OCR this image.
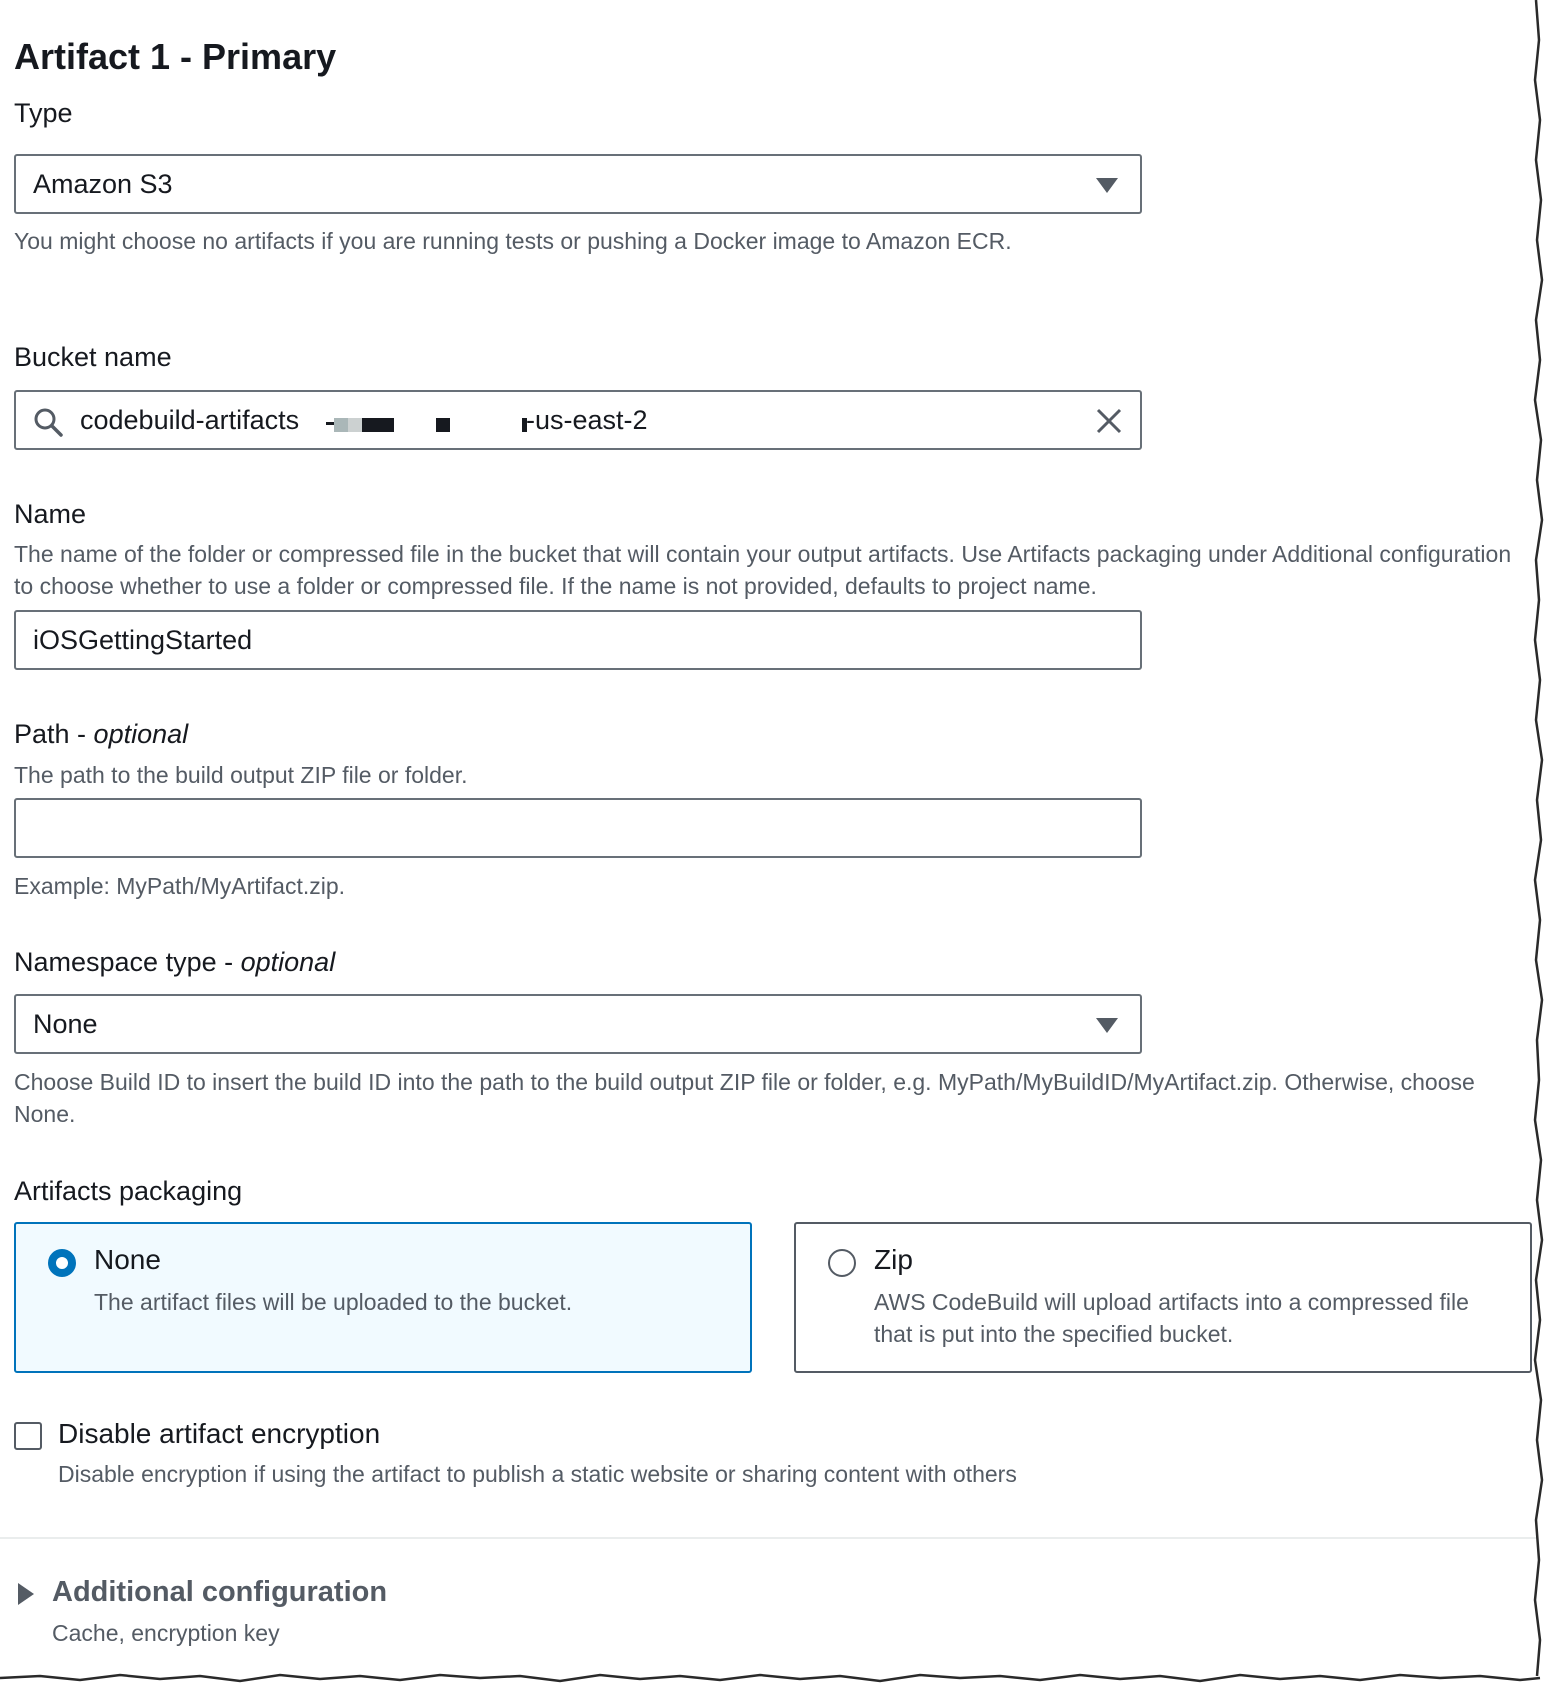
Artifact 1 - Primary
Type
Amazon S3
You might choose no artifacts if you are running tests or pushing a Docker image to Amazon ECR.
Bucket name
codebuild-artifacts	-us-east-2
Name
The name of the folder or compressed file in the bucket that will contain your output artifacts. Use Artifacts packaging under Additional configuration to choose whether to use a folder or compressed file. If the name is not provided, defaults to project name.
iOSGettingStarted
Path - optional
The path to the build output ZIP file or folder.
Example: MyPath/MyArtifact.zip.
Namespace type - optional
None
Choose Build ID to insert the build ID into the path to the build output ZIP file or folder, e.g. MyPath/MyBuildID/MyArtifact.zip. Otherwise, choose None.
Artifacts packaging
None
The artifact files will be uploaded to the bucket.
Zip
AWS CodeBuild will upload artifacts into a compressed file that is put into the specified bucket.
Disable artifact encryption
Disable encryption if using the artifact to publish a static website or sharing content with others
Additional configuration
Cache, encryption key
